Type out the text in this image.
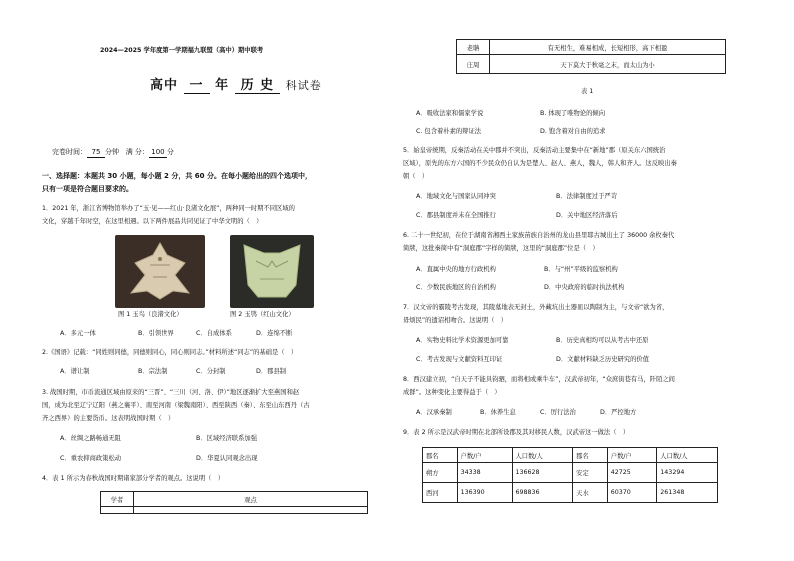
2024—2025 学年度第一学期福九联盟（高中）期中联考
高中 一 年 历 史 科试卷
完卷时间： 75 分钟 满 分： 100 分
一、选择题：本题共 30 小题，每小题 2 分，共 60 分。在每小题给出的四个选项中，
只有一项是符合题目要求的。
1．2021 年，浙江省博物馆举办了“玉·见——红山·良渚文化展”，两种同一时期不同区域的
文化，穿越千年时空，在这里相遇。以下两件展品共同见证了中华文明的（　）
图 1 玉鸟（良渚文化）	图 2 玉鸮（红山文化）
A．多元一体	B．引领世界	C．自成体系	D．连绵不断
2.《国语》记载：“同姓则同德，同德则同心，同心则同志。”材料所述“同志”的基础是（　）
A．谱让制	B．宗法制	C．分封制	D．郡县制
3. 战国时期，市币流通区域由原来的“三晋”、“三川（河、洛、伊）”地区逐渐扩大至燕国和赵
国，成为北至辽宁辽阳（燕之襄平）、南至河南（梁魏南阳）、西至陕西（秦）、东至山东西丹（古
齐之西界）的主要货币。这表明战国时期（　）
A．丝绸之路畅通无阻	B．区域经济联系加强
C．重农抑商政策松动	D．华夏认同观念出现
4．表 1 所示为春秋战国时期诸家部分学者的观点。这说明（　）
学者	观点

老聃	有无相生，难易相成，长短相形，高下相盈
庄周	天下莫大于秋毫之末，而太山为小
表 1
A．吸收法家和儒家学说	B. 体现了唯物论的倾向
C. 包含着朴素的辩证法	D. 饱含着对自由的追求
5．始皇帝统期，反秦活动在关中郡并不突出，反秦活动主要集中在“新地”郡（原关东六国统治
区域），原先的东方六国的不少民众仍自认为是楚人、赵人、燕人，魏人，韩人和齐人。这反映出秦
朝（　）
A．地域文化与国家认同冲突	B．法律制度过于严苛
C．郡县制度并未在全国推行	D．关中地区经济落后
6. 二十一世纪初，在位于湖南省湘西土家族苗族自治州的龙山县里耶古城出土了 36000 余枚秦代
简牍，这批秦简中有“洞庭郡”字样的简牍，这里的“洞庭郡”位是（　）
A．直属中央的地方行政机构	B．与“州”平级的监察机构
C．少数民族地区的自治机构	D．中央政府的临时执法机构
7．汉文帝的霸陵考古发现，其陵墓地表无封土，外藏坑出土器皿以陶制为主，与文帝“欲为省，
毋烦民”的遗诏相吻合。这说明（　）
A．实物史料比学术资源更加可靠	B．历史真相均可以从考古中还原
C．考古发现与文献资料互印证	D．文献材料缺乏历史研究的价值
8．西汉建立初，“自天子不能具钧驷，而将相或乘牛车”，汉武帝初年，“众庶街巷有马，阡陌之间
成群”。这种变化主要得益于（　）
A．汉承秦制	B．休养生息	C．厉行法治	D．严控地方
9．表 2 所示是汉武帝时期在北部所设郡及其对移民人数，汉武帝这一做法（　）
郡名	户数/户	人口数/人	郡名	户数/户	人口数/人
朔方	34338	136628	安定	42725	143294
西河	136390	698836	天水	60370	261348
